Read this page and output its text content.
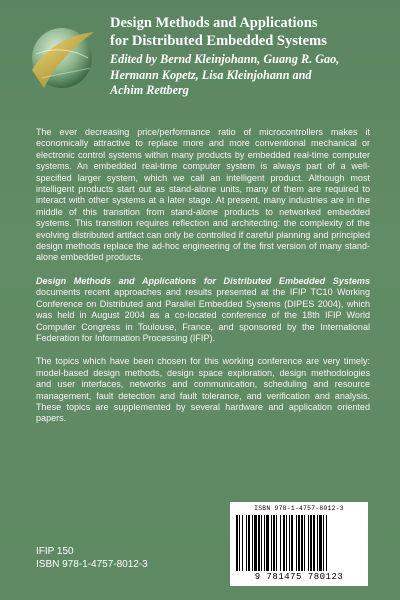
Design Methods and Applications
for Distributed Embedded Systems
Edited by Bernd Kleinjohann, Guang R. Gao,
Hermann Kopetz, Lisa Kleinjohann and
Achim Rettberg

The ever decreasing price/performance ratio of microcontrollers makes it economically attractive to replace more and more conventional mechanical or electronic control systems within many products by embedded real-time computer systems. An embedded real-time computer system is always part of a well-specified larger system, which we call an intelligent product. Although most intelligent products start out as stand-alone units, many of them are required to interact with other systems at a later stage. At present, many industries are in the middle of this transition from stand-alone products to networked embedded systems. This transition requires reflection and architecting: the complexity of the evolving distributed artifact can only be controlled if careful planning and principled design methods replace the ad-hoc engineering of the first version of many stand-alone embedded products.

Design Methods and Applications for Distributed Embedded Systems documents recent approaches and results presented at the IFIP TC10 Working Conference on Distributed and Parallel Embedded Systems (DIPES 2004), which was held in August 2004 as a co-located conference of the 18th IFIP World Computer Congress in Toulouse, France, and sponsored by the International Federation for Information Processing (IFIP).

The topics which have been chosen for this working conference are very timely: model-based design methods, design space exploration, design methodologies and user interfaces, networks and communication, scheduling and resource management, fault detection and fault tolerance, and verification and analysis. These topics are supplemented by several hardware and application oriented papers.

ISBN 978-1-4757-8012-3
9 781475 780123
IFIP 150
ISBN 978-1-4757-8012-3
